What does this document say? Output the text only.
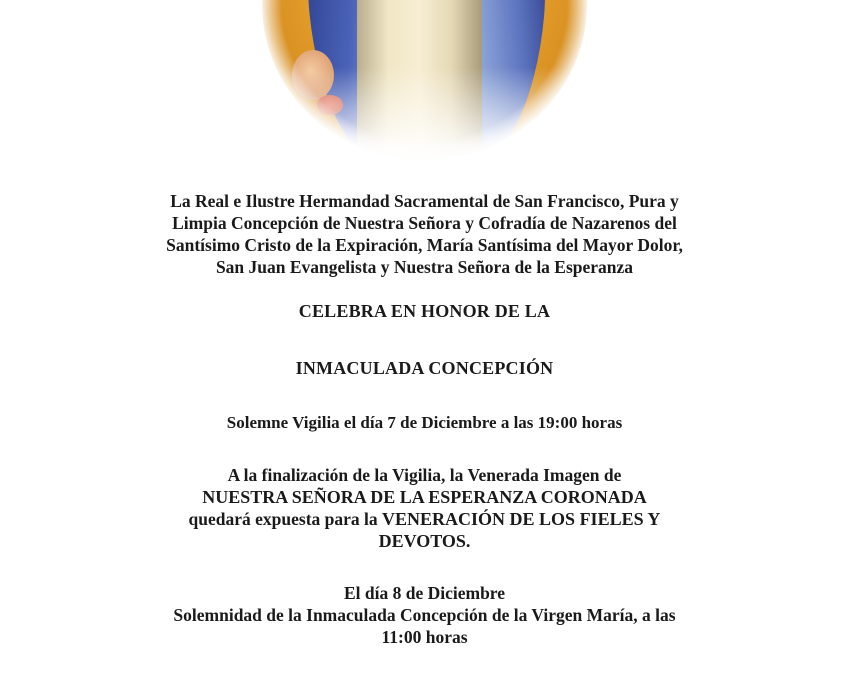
La Real e Ilustre Hermandad Sacramental de San Francisco, Pura y
Limpia Concepción de Nuestra Señora y Cofradía de Nazarenos del
Santísimo Cristo de la Expiración, María Santísima del Mayor Dolor,
San Juan Evangelista y Nuestra Señora de la Esperanza
CELEBRA EN HONOR DE LA
INMACULADA CONCEPCIÓN
Solemne Vigilia el día 7 de Diciembre a las 19:00 horas
A la finalización de la Vigilia, la Venerada Imagen de
NUESTRA SEÑORA DE LA ESPERANZA CORONADA
quedará expuesta para la VENERACIÓN DE LOS FIELES Y
DEVOTOS.
El día 8 de Diciembre
Solemnidad de la Inmaculada Concepción de la Virgen María, a las
11:00 horas
